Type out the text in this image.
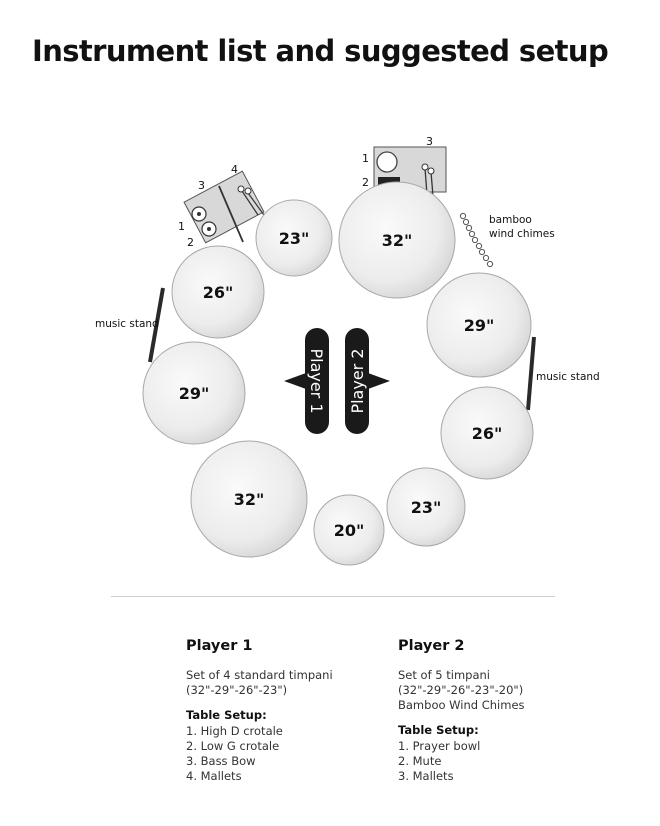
Instrument list and suggested setup
3
1
2
4
3
1
2
bamboo
wind chimes
music stand
music stand
32"
23"
26"
29"
32"
29"
26"
23"
20"
Player 1 Player 2
Player 1
Set of 4 standard timpani
(32"-29"-26"-23")
Table Setup:
1. High D crotale
2. Low G crotale
3. Bass Bow
4. Mallets
Player 2
Set of 5 timpani
(32"-29"-26"-23"-20")
Bamboo Wind Chimes
Table Setup:
1. Prayer bowl
2. Mute
3. Mallets
